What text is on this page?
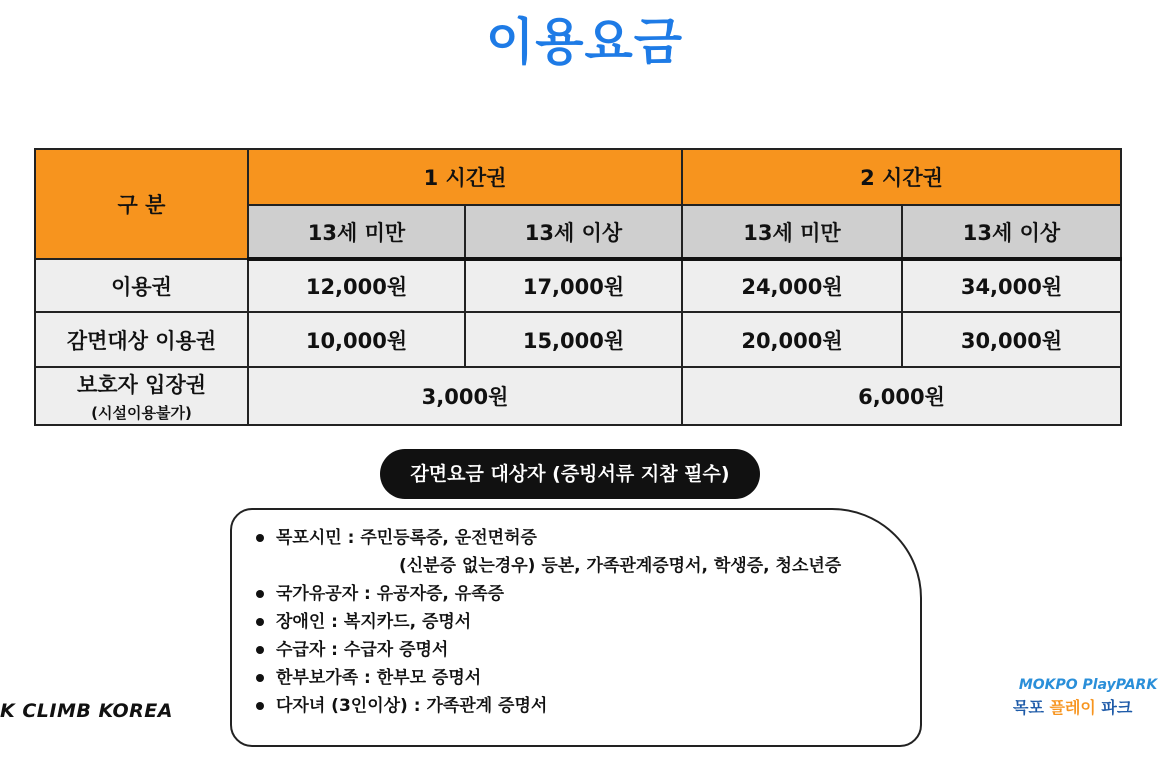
이용요금
구 분	1 시간권		2 시간권	
	13세 미만	13세 이상	13세 미만	13세 이상
이용권	12,000원	17,000원	24,000원	34,000원
감면대상 이용권	10,000원	15,000원	20,000원	30,000원
보호자 입장권
(시설이용불가)	3,000원		6,000원	
감면요금 대상자 (증빙서류 지참 필수)
목포시민 : 주민등록증, 운전면허증
(신분증 없는경우) 등본, 가족관계증명서, 학생증, 청소년증
국가유공자 : 유공자증, 유족증
장애인 : 복지카드, 증명서
수급자 : 수급자 증명서
한부보가족 : 한부모 증명서
다자녀 (3인이상) : 가족관계 증명서
K CLIMB KOREA
MOKPO PlayPARK
목포 플레이 파크
